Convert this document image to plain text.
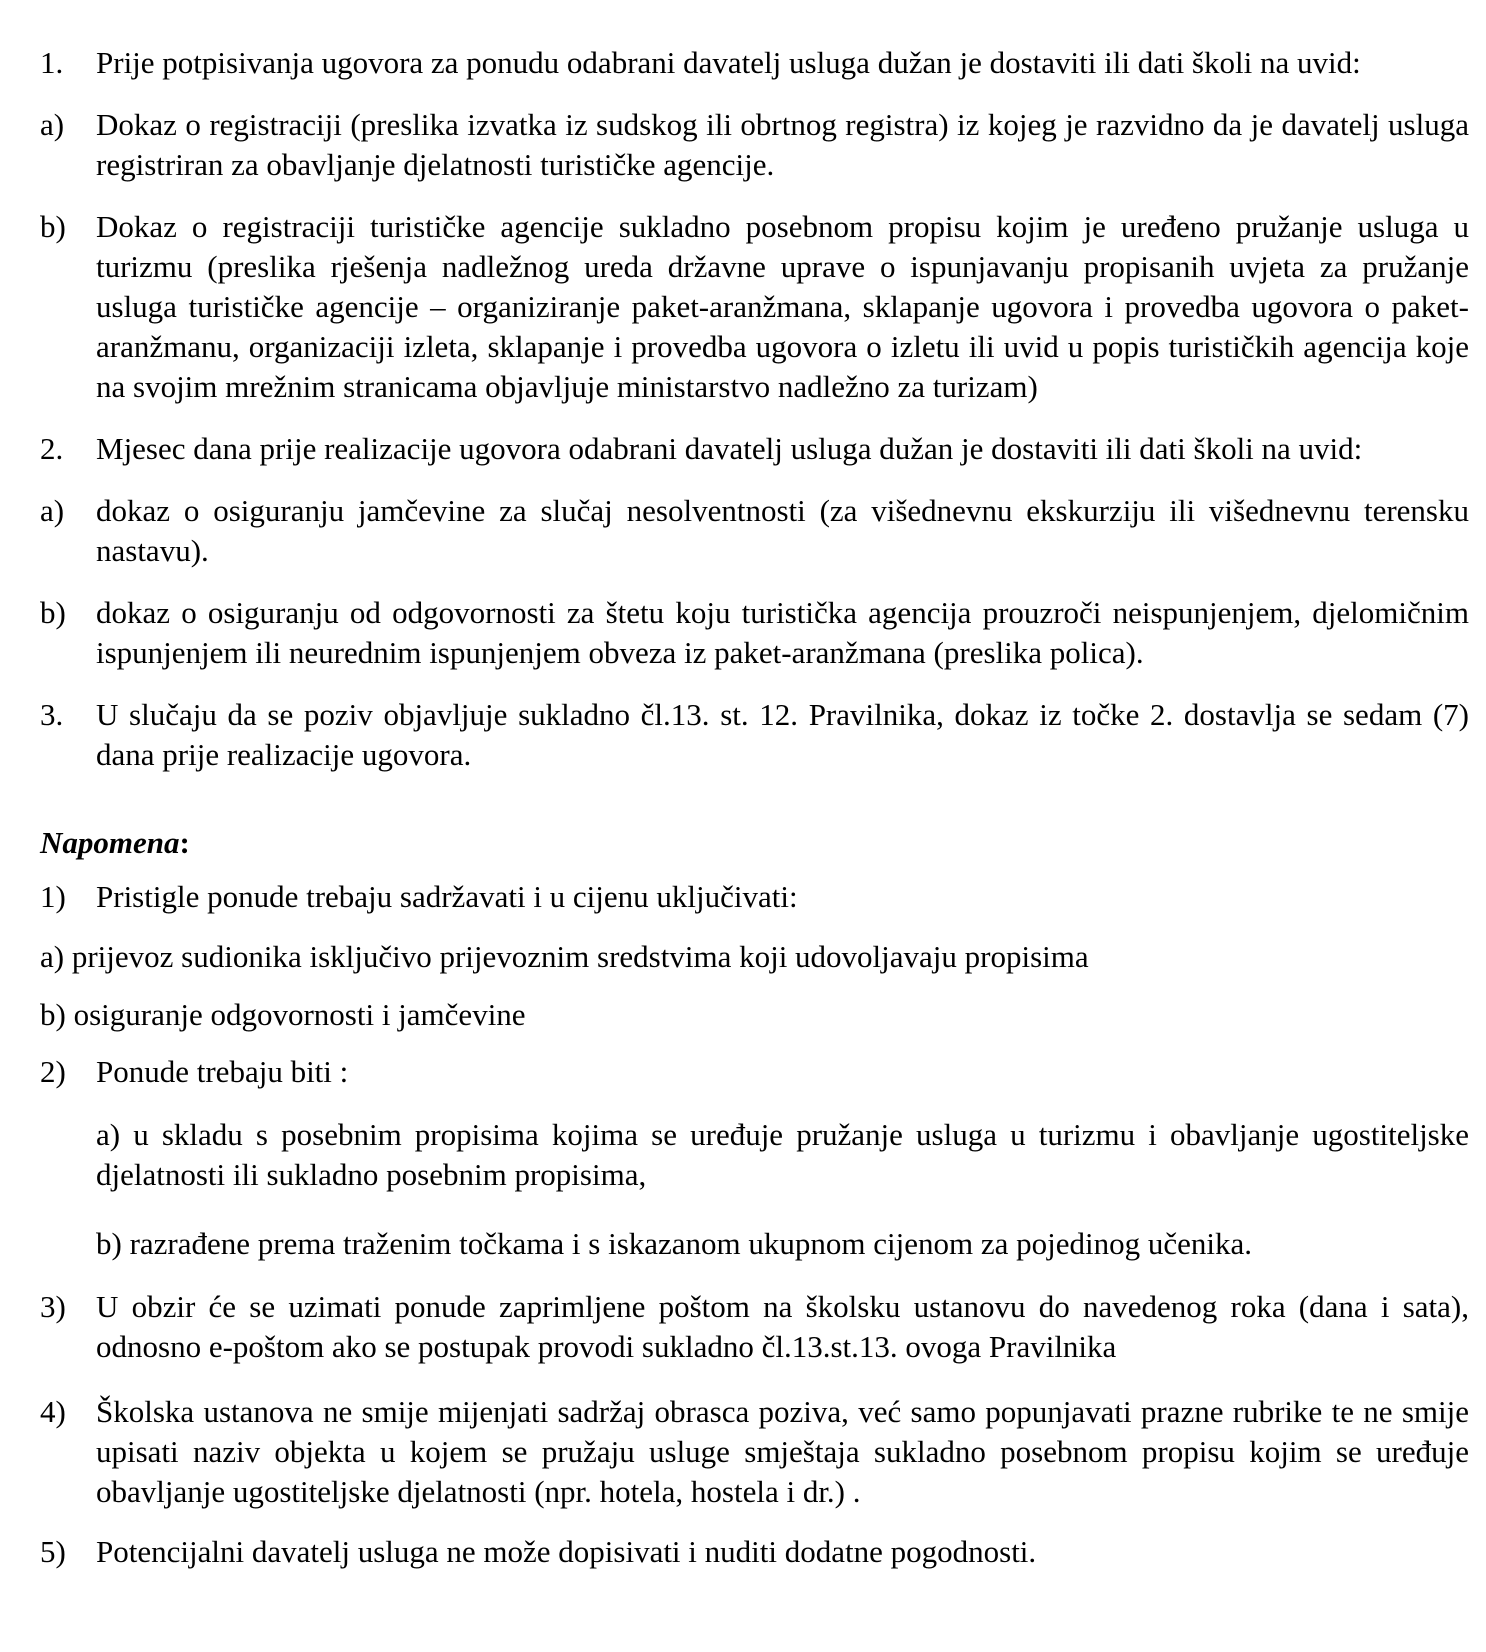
1. Prije potpisivanja ugovora za ponudu odabrani davatelj usluga dužan je dostaviti ili dati školi na uvid:

a) Dokaz o registraciji (preslika izvatka iz sudskog ili obrtnog registra) iz kojeg je razvidno da je davatelj usluga registriran za obavljanje djelatnosti turističke agencije.

b) Dokaz o registraciji turističke agencije sukladno posebnom propisu kojim je uređeno pružanje usluga u turizmu (preslika rješenja nadležnog ureda državne uprave o ispunjavanju propisanih uvjeta za pružanje usluga turističke agencije – organiziranje paket-aranžmana, sklapanje ugovora i provedba ugovora o paket-aranžmanu, organizaciji izleta, sklapanje i provedba ugovora o izletu ili uvid u popis turističkih agencija koje na svojim mrežnim stranicama objavljuje ministarstvo nadležno za turizam)

2. Mjesec dana prije realizacije ugovora odabrani davatelj usluga dužan je dostaviti ili dati školi na uvid:

a) dokaz o osiguranju jamčevine za slučaj nesolventnosti (za višednevnu ekskurziju ili višednevnu terensku nastavu).

b) dokaz o osiguranju od odgovornosti za štetu koju turistička agencija prouzroči neispunjenjem, djelomičnim ispunjenjem ili neurednim ispunjenjem obveza iz paket-aranžmana (preslika polica).

3. U slučaju da se poziv objavljuje sukladno čl.13. st. 12. Pravilnika, dokaz iz točke 2. dostavlja se sedam (7) dana prije realizacije ugovora.

Napomena:

1) Pristigle ponude trebaju sadržavati i u cijenu uključivati:

a) prijevoz sudionika isključivo prijevoznim sredstvima koji udovoljavaju propisima

b) osiguranje odgovornosti i jamčevine

2) Ponude trebaju biti :

a) u skladu s posebnim propisima kojima se uređuje pružanje usluga u turizmu i obavljanje ugostiteljske djelatnosti ili sukladno posebnim propisima,

b) razrađene prema traženim točkama i s iskazanom ukupnom cijenom za pojedinog učenika.

3) U obzir će se uzimati ponude zaprimljene poštom na školsku ustanovu do navedenog roka (dana i sata), odnosno e-poštom ako se postupak provodi sukladno čl.13.st.13. ovoga Pravilnika

4) Školska ustanova ne smije mijenjati sadržaj obrasca poziva, već samo popunjavati prazne rubrike te ne smije upisati naziv objekta u kojem se pružaju usluge smještaja sukladno posebnom propisu kojim se uređuje obavljanje ugostiteljske djelatnosti (npr. hotela, hostela i dr.) .

5) Potencijalni davatelj usluga ne može dopisivati i nuditi dodatne pogodnosti.
